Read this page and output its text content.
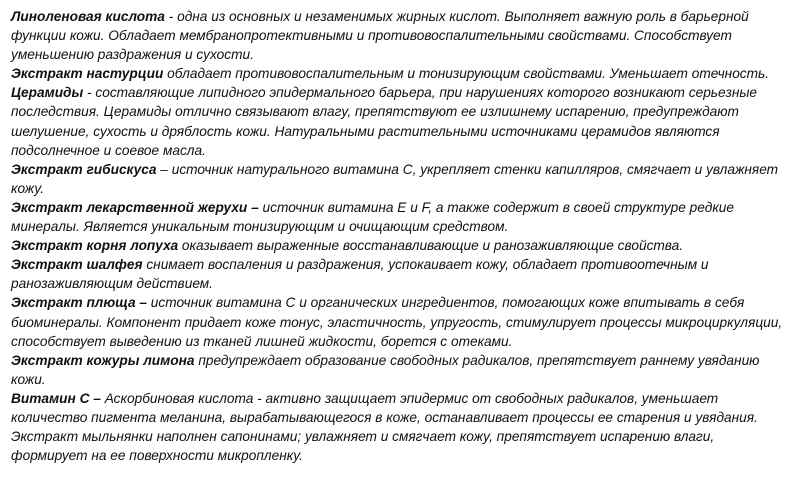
Линоленовая кислота - одна из основных и незаменимых жирных кислот. Выполняет важную роль в барьерной функции кожи. Обладает мембранопротективными и противовоспалительными свойствами. Способствует уменьшению раздражения и сухости.

Экстракт настурции обладает противовоспалительным и тонизирующим свойствами. Уменьшает отечность.

Церамиды - составляющие липидного эпидермального барьера, при нарушениях которого возникают серьезные последствия. Церамиды отлично связывают влагу, препятствуют ее излишнему испарению, предупреждают шелушение, сухость и дряблость кожи. Натуральными растительными источниками церамидов являются подсолнечное и соевое масла.

Экстракт гибискуса – источник натурального витамина С, укрепляет стенки капилляров, смягчает и увлажняет кожу.

Экстракт лекарственной жерухи – источник витамина Е и F, а также содержит в своей структуре редкие минералы. Является уникальным тонизирующим и очищающим средством.

Экстракт корня лопуха оказывает выраженные восстанавливающие и ранозаживляющие свойства.

Экстракт шалфея снимает воспаления и раздражения, успокаивает кожу, обладает противоотечным и ранозаживляющим действием.

Экстракт плюща – источник витамина С и органических ингредиентов, помогающих коже впитывать в себя биоминералы. Компонент придает коже тонус, эластичность, упругость, стимулирует процессы микроциркуляции, способствует выведению из тканей лишней жидкости, борется с отеками.

Экстракт кожуры лимона предупреждает образование свободных радикалов, препятствует раннему увяданию кожи.

Витамин С – Аскорбиновая кислота - активно защищает эпидермис от свободных радикалов, уменьшает количество пигмента меланина, вырабатывающегося в коже, останавливает процессы ее старения и увядания.

Экстракт мыльнянки наполнен сапонинами; увлажняет и смягчает кожу, препятствует испарению влаги, формирует на ее поверхности микропленку.
